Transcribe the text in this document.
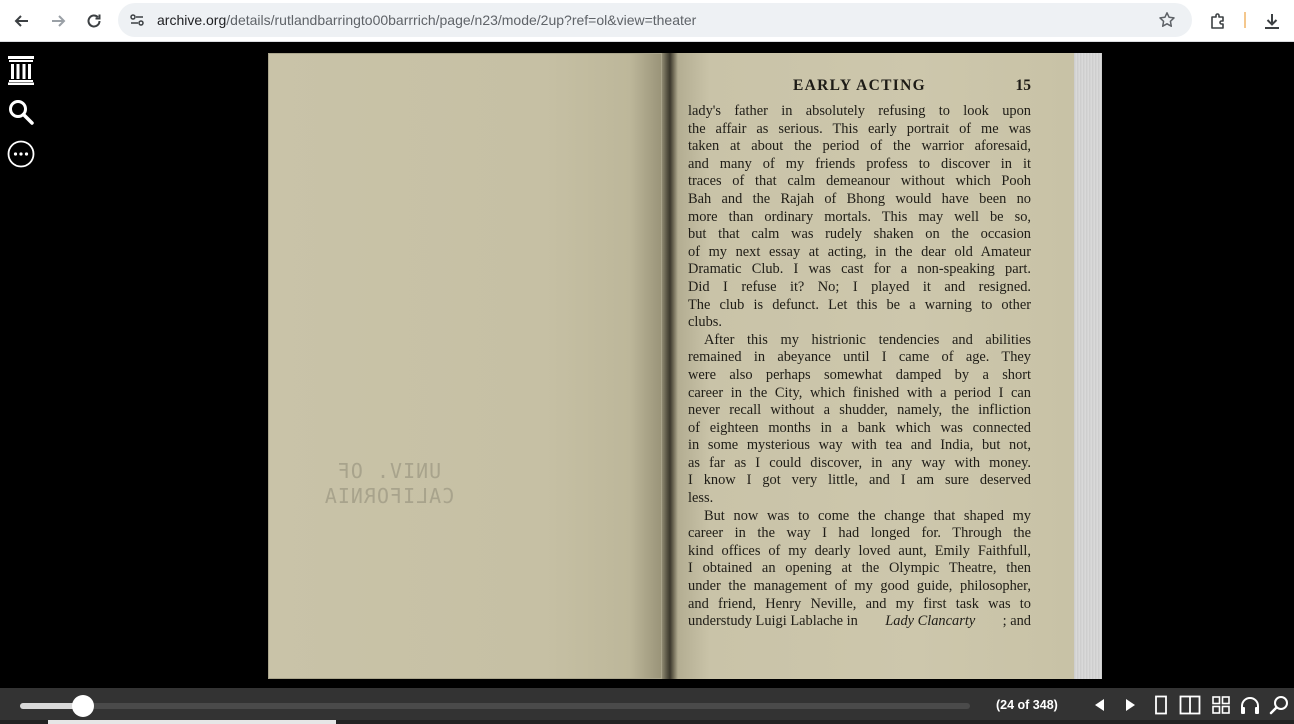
archive.org/details/rutlandbarringto00barrrich/page/n23/mode/2up?ref=ol&view=theater
UNIV. OF
CALIFORNIA
EARLY ACTING	15
lady's father in absolutely refusing to look upon
the affair as serious. This early portrait of me was
taken at about the period of the warrior aforesaid,
and many of my friends profess to discover in it
traces of that calm demeanour without which Pooh
Bah and the Rajah of Bhong would have been no
more than ordinary mortals. This may well be so,
but that calm was rudely shaken on the occasion
of my next essay at acting, in the dear old Amateur
Dramatic Club. I was cast for a non-speaking part.
Did I refuse it? No; I played it and resigned.
The club is defunct. Let this be a warning to other
clubs.
After this my histrionic tendencies and abilities
remained in abeyance until I came of age. They
were also perhaps somewhat damped by a short
career in the City, which finished with a period I can
never recall without a shudder, namely, the infliction
of eighteen months in a bank which was connected
in some mysterious way with tea and India, but not,
as far as I could discover, in any way with money.
I know I got very little, and I am sure deserved
less.
But now was to come the change that shaped my
career in the way I had longed for. Through the
kind offices of my dearly loved aunt, Emily Faithfull,
I obtained an opening at the Olympic Theatre, then
under the management of my good guide, philosopher,
and friend, Henry Neville, and my first task was to
understudy Luigi Lablache in Lady Clancarty ; and
(24 of 348)
